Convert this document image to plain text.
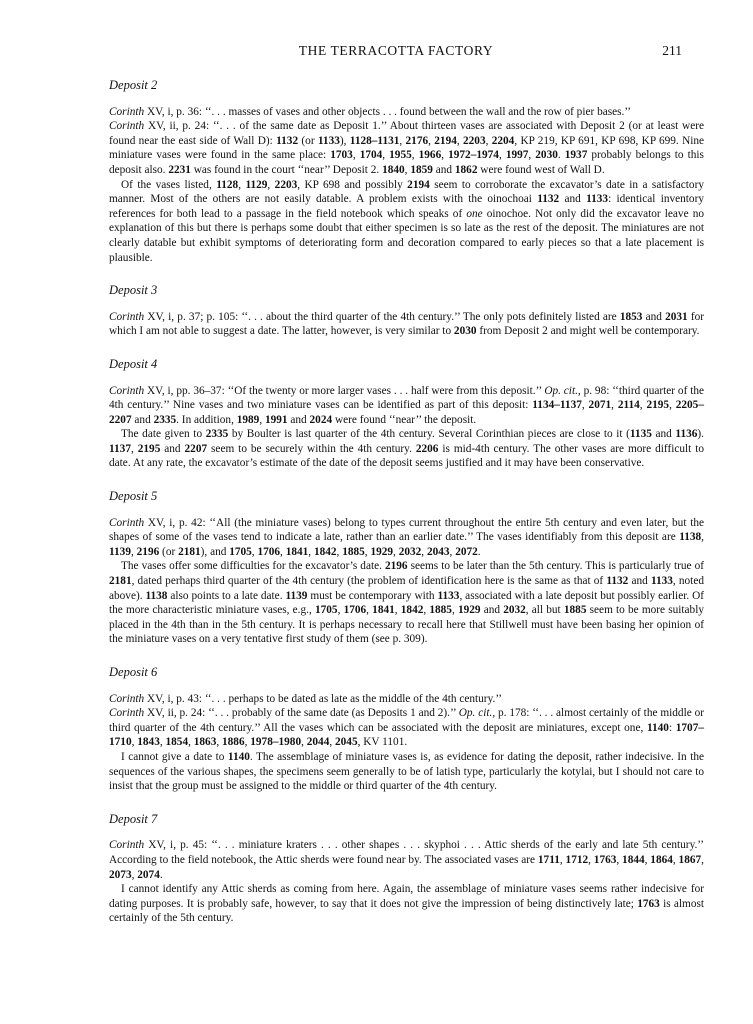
THE TERRACOTTA FACTORY	211
Deposit 2

Corinth XV, i, p. 36: ‘‘. . . masses of vases and other objects . . . found between the wall and the row of pier bases.’’

Corinth XV, ii, p. 24: ‘‘. . . of the same date as Deposit 1.’’ About thirteen vases are associated with Deposit 2 (or at least were found near the east side of Wall D): 1132 (or 1133), 1128–1131, 2176, 2194, 2203, 2204, KP 219, KP 691, KP 698, KP 699. Nine miniature vases were found in the same place: 1703, 1704, 1955, 1966, 1972–1974, 1997, 2030. 1937 probably belongs to this deposit also. 2231 was found in the court ‘‘near’’ Deposit 2. 1840, 1859 and 1862 were found west of Wall D.

Of the vases listed, 1128, 1129, 2203, KP 698 and possibly 2194 seem to corroborate the excavator’s date in a satisfactory manner. Most of the others are not easily datable. A problem exists with the oinochoai 1132 and 1133: identical inventory references for both lead to a passage in the field notebook which speaks of one oinochoe. Not only did the excavator leave no explanation of this but there is perhaps some doubt that either specimen is so late as the rest of the deposit. The miniatures are not clearly datable but exhibit symptoms of deteriorating form and decoration compared to early pieces so that a late placement is plausible.

Deposit 3

Corinth XV, i, p. 37; p. 105: ‘‘. . . about the third quarter of the 4th century.’’ The only pots definitely listed are 1853 and 2031 for which I am not able to suggest a date. The latter, however, is very similar to 2030 from Deposit 2 and might well be contemporary.

Deposit 4

Corinth XV, i, pp. 36–37: ‘‘Of the twenty or more larger vases . . . half were from this deposit.’’ Op. cit., p. 98: ‘‘third quarter of the 4th century.’’ Nine vases and two miniature vases can be identified as part of this deposit: 1134–1137, 2071, 2114, 2195, 2205–2207 and 2335. In addition, 1989, 1991 and 2024 were found ‘‘near’’ the deposit.

The date given to 2335 by Boulter is last quarter of the 4th century. Several Corinthian pieces are close to it (1135 and 1136). 1137, 2195 and 2207 seem to be securely within the 4th century. 2206 is mid-4th century. The other vases are more difficult to date. At any rate, the excavator’s estimate of the date of the deposit seems justified and it may have been conservative.

Deposit 5

Corinth XV, i, p. 42: ‘‘All (the miniature vases) belong to types current throughout the entire 5th century and even later, but the shapes of some of the vases tend to indicate a late, rather than an earlier date.’’ The vases identifiably from this deposit are 1138, 1139, 2196 (or 2181), and 1705, 1706, 1841, 1842, 1885, 1929, 2032, 2043, 2072.

The vases offer some difficulties for the excavator’s date. 2196 seems to be later than the 5th century. This is particularly true of 2181, dated perhaps third quarter of the 4th century (the problem of identification here is the same as that of 1132 and 1133, noted above). 1138 also points to a late date. 1139 must be contemporary with 1133, associated with a late deposit but possibly earlier. Of the more characteristic miniature vases, e.g., 1705, 1706, 1841, 1842, 1885, 1929 and 2032, all but 1885 seem to be more suitably placed in the 4th than in the 5th century. It is perhaps necessary to recall here that Stillwell must have been basing her opinion of the miniature vases on a very tentative first study of them (see p. 309).

Deposit 6

Corinth XV, i, p. 43: ‘‘. . . perhaps to be dated as late as the middle of the 4th century.’’

Corinth XV, ii, p. 24: ‘‘. . . probably of the same date (as Deposits 1 and 2).’’ Op. cit., p. 178: ‘‘. . . almost certainly of the middle or third quarter of the 4th century.’’ All the vases which can be associated with the deposit are miniatures, except one, 1140: 1707–1710, 1843, 1854, 1863, 1886, 1978–1980, 2044, 2045, KV 1101.

I cannot give a date to 1140. The assemblage of miniature vases is, as evidence for dating the deposit, rather indecisive. In the sequences of the various shapes, the specimens seem generally to be of latish type, particularly the kotylai, but I should not care to insist that the group must be assigned to the middle or third quarter of the 4th century.

Deposit 7

Corinth XV, i, p. 45: ‘‘. . . miniature kraters . . . other shapes . . . skyphoi . . . Attic sherds of the early and late 5th century.’’ According to the field notebook, the Attic sherds were found near by. The associated vases are 1711, 1712, 1763, 1844, 1864, 1867, 2073, 2074.

I cannot identify any Attic sherds as coming from here. Again, the assemblage of miniature vases seems rather indecisive for dating purposes. It is probably safe, however, to say that it does not give the impression of being distinctively late; 1763 is almost certainly of the 5th century.
